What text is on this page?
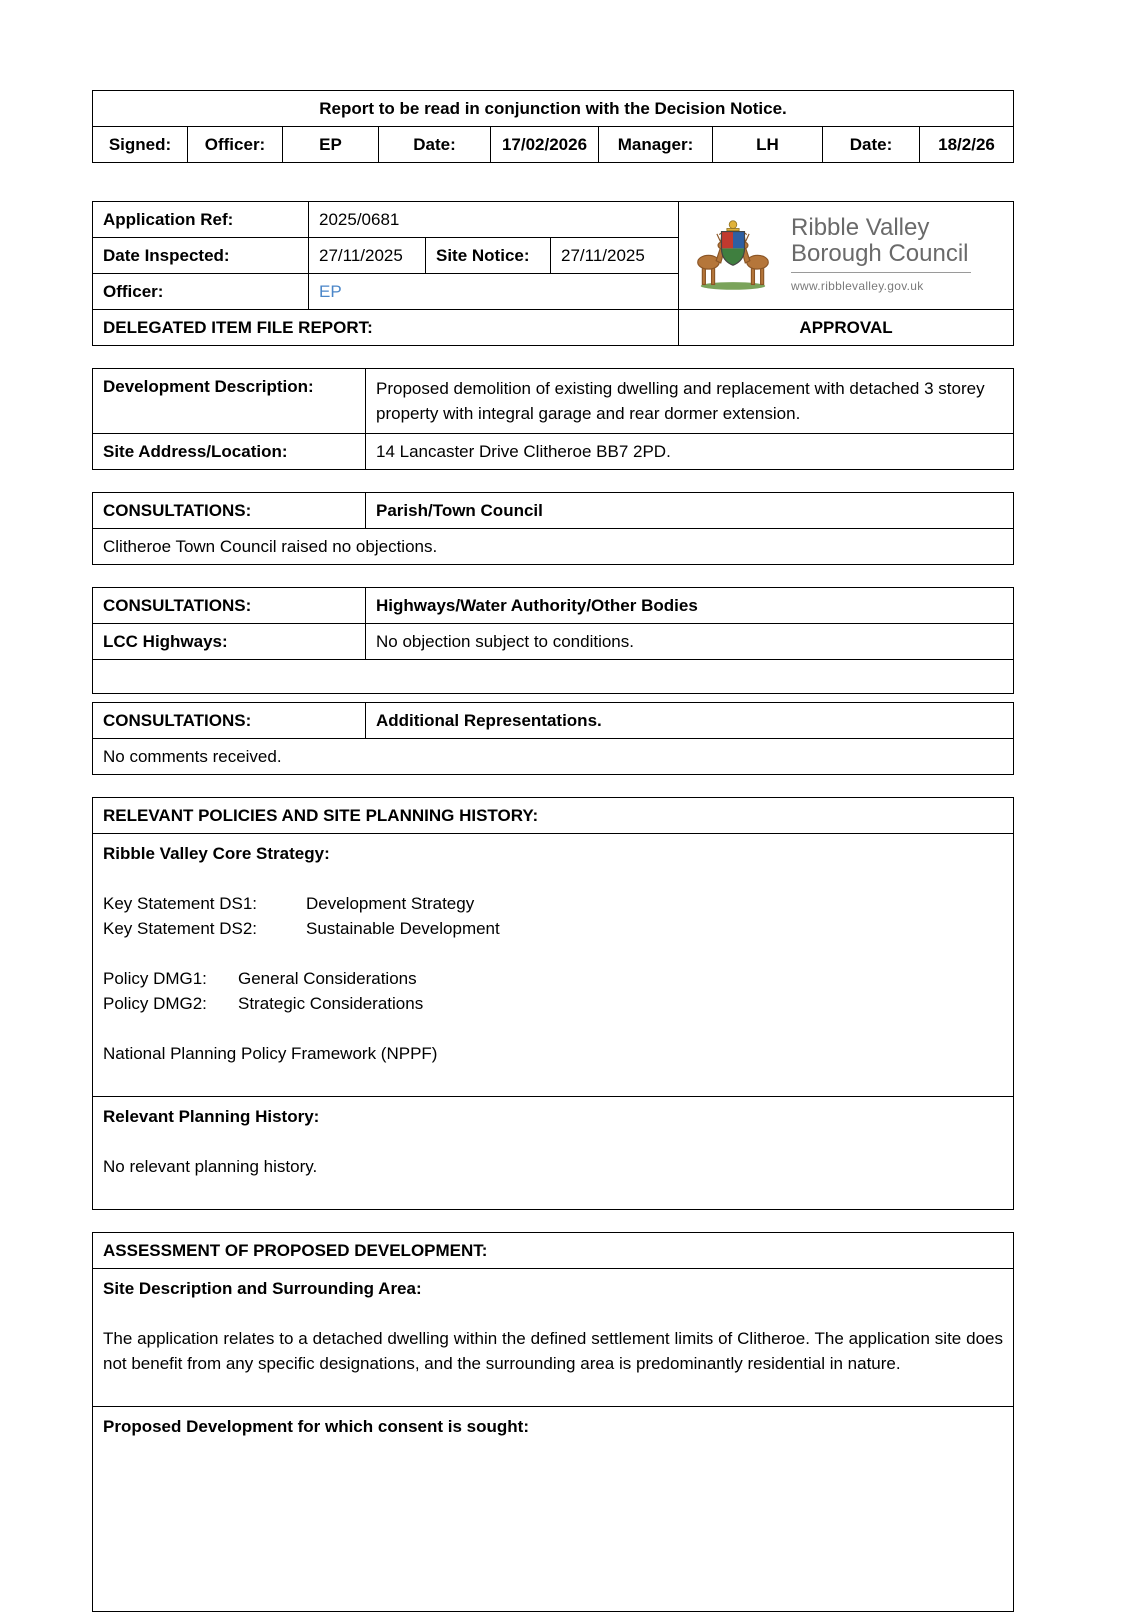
Report to be read in conjunction with the Decision Notice.
Signed:	Officer:	EP	Date:	17/02/2026	Manager:	LH	Date:	18/2/26
Application Ref:	2025/0681			Ribble Valley
Borough Council
www.ribblevalley.gov.uk

Date Inspected:	27/11/2025	Site Notice:	27/11/2025	
Officer:	EP			
DELEGATED ITEM FILE REPORT:				APPROVAL
Development Description:	Proposed demolition of existing dwelling and replacement with detached 3 storey property with integral garage and rear dormer extension.
Site Address/Location:	14 Lancaster Drive Clitheroe BB7 2PD.
CONSULTATIONS:	Parish/Town Council
Clitheroe Town Council raised no objections.
CONSULTATIONS:	Highways/Water Authority/Other Bodies
LCC Highways:	No objection subject to conditions.

CONSULTATIONS:	Additional Representations.
No comments received.
RELEVANT POLICIES AND SITE PLANNING HISTORY:

Ribble Valley Core Strategy:
Key Statement DS1:	Development Strategy
Key Statement DS2:	Sustainable Development
Policy DMG1: General Considerations
Policy DMG2: Strategic Considerations
National Planning Policy Framework (NPPF)

Relevant Planning History:
No relevant planning history.
ASSESSMENT OF PROPOSED DEVELOPMENT:

Site Description and Surrounding Area:
The application relates to a detached dwelling within the defined settlement limits of Clitheroe. The application site does not benefit from any specific designations, and the surrounding area is predominantly residential in nature.

Proposed Development for which consent is sought:
